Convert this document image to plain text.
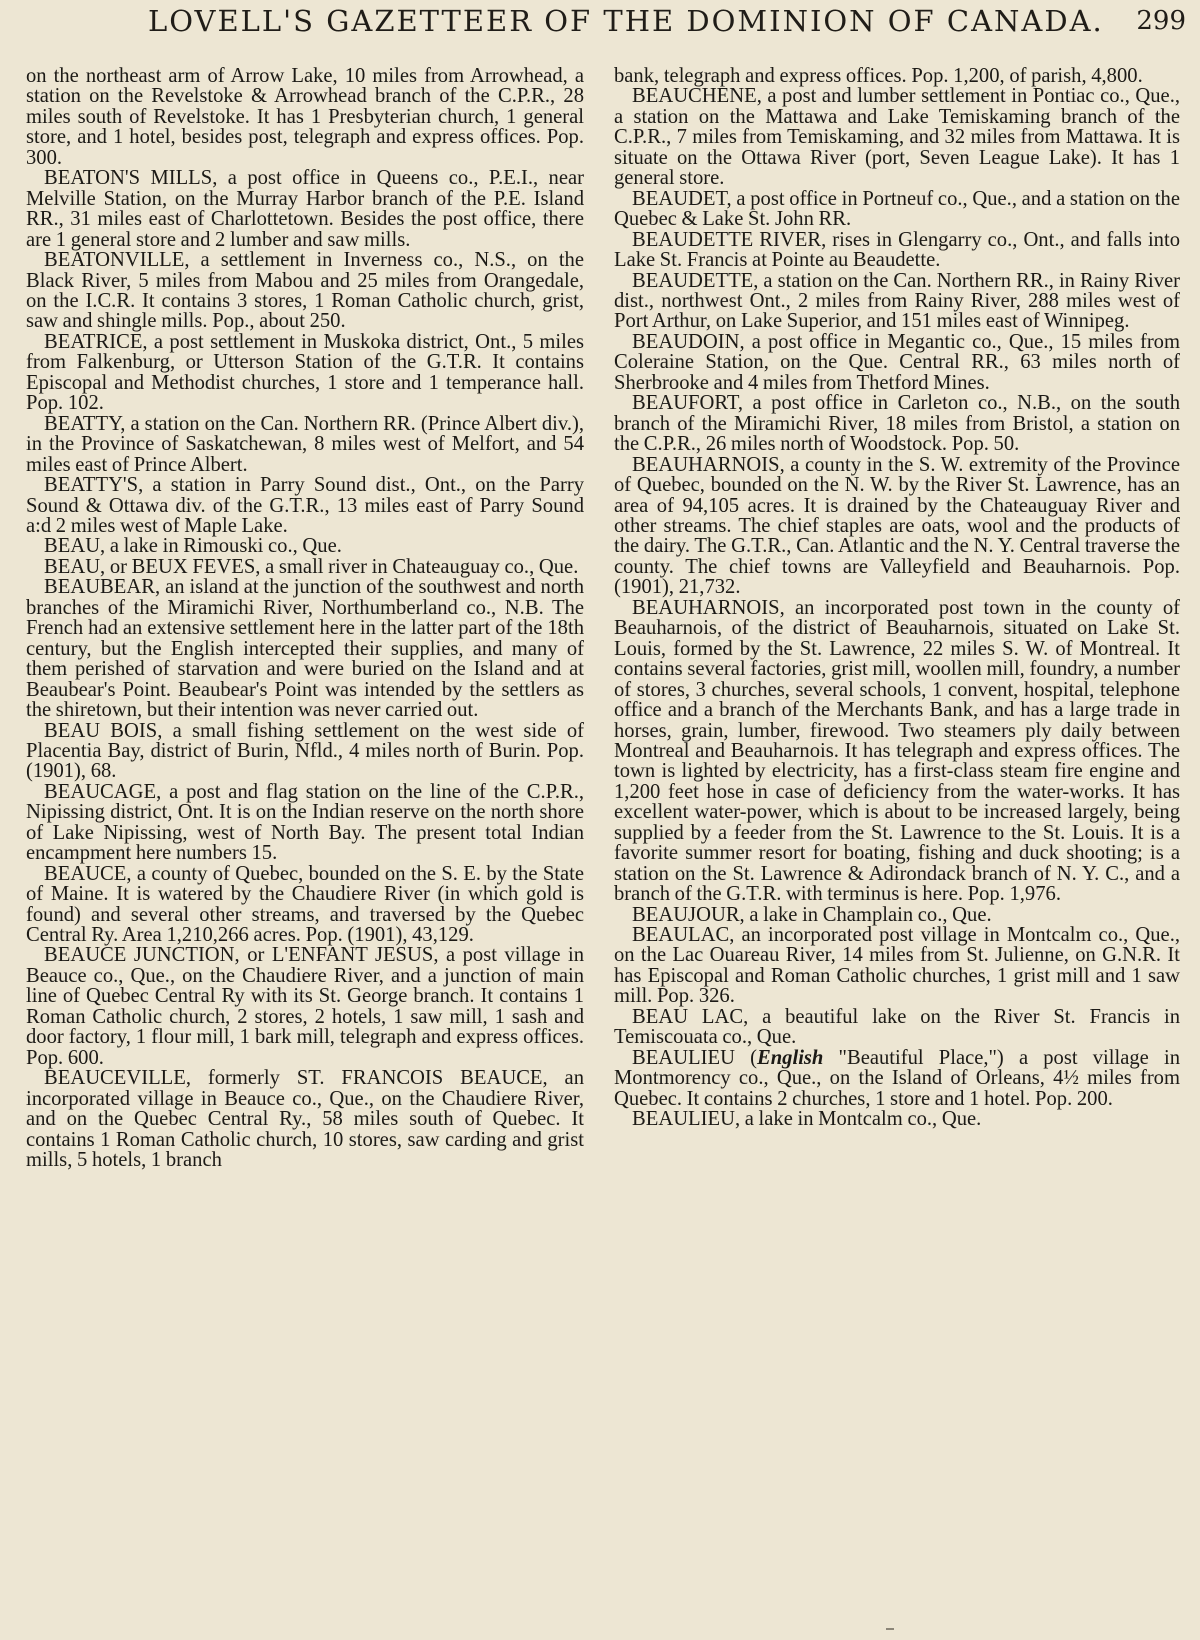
LOVELL'S GAZETTEER OF THE DOMINION OF CANADA. 299

on the northeast arm of Arrow Lake, 10 miles from Arrowhead, a station on the Revelstoke & Arrowhead branch of the C.P.R., 28 miles south of Revelstoke. It has 1 Presbyterian church, 1 general store, and 1 hotel, besides post, telegraph and express offices. Pop. 300.

BEATON'S MILLS, a post office in Queens co., P.E.I., near Melville Station, on the Murray Harbor branch of the P.E. Island RR., 31 miles east of Charlottetown. Besides the post office, there are 1 general store and 2 lumber and saw mills.

BEATONVILLE, a settlement in Inverness co., N.S., on the Black River, 5 miles from Mabou and 25 miles from Orangedale, on the I.C.R. It contains 3 stores, 1 Roman Catholic church, grist, saw and shingle mills. Pop., about 250.

BEATRICE, a post settlement in Muskoka district, Ont., 5 miles from Falkenburg, or Utterson Station of the G.T.R. It contains Episcopal and Methodist churches, 1 store and 1 temperance hall. Pop. 102.

BEATTY, a station on the Can. Northern RR. (Prince Albert div.), in the Province of Saskatchewan, 8 miles west of Melfort, and 54 miles east of Prince Albert.

BEATTY'S, a station in Parry Sound dist., Ont., on the Parry Sound & Ottawa div. of the G.T.R., 13 miles east of Parry Sound a:d 2 miles west of Maple Lake.

BEAU, a lake in Rimouski co., Que.

BEAU, or BEUX FEVES, a small river in Chateauguay co., Que.

BEAUBEAR, an island at the junction of the southwest and north branches of the Miramichi River, Northumberland co., N.B. The French had an extensive settlement here in the latter part of the 18th century, but the English intercepted their supplies, and many of them perished of starvation and were buried on the Island and at Beaubear's Point. Beaubear's Point was intended by the settlers as the shiretown, but their intention was never carried out.

BEAU BOIS, a small fishing settlement on the west side of Placentia Bay, district of Burin, Nfld., 4 miles north of Burin. Pop. (1901), 68.

BEAUCAGE, a post and flag station on the line of the C.P.R., Nipissing district, Ont. It is on the Indian reserve on the north shore of Lake Nipissing, west of North Bay. The present total Indian encampment here numbers 15.

BEAUCE, a county of Quebec, bounded on the S. E. by the State of Maine. It is watered by the Chaudiere River (in which gold is found) and several other streams, and traversed by the Quebec Central Ry. Area 1,210,266 acres. Pop. (1901), 43,129.

BEAUCE JUNCTION, or L'ENFANT JESUS, a post village in Beauce co., Que., on the Chaudiere River, and a junction of main line of Quebec Central Ry with its St. George branch. It contains 1 Roman Catholic church, 2 stores, 2 hotels, 1 saw mill, 1 sash and door factory, 1 flour mill, 1 bark mill, telegraph and express offices. Pop. 600.

BEAUCEVILLE, formerly ST. FRANCOIS BEAUCE, an incorporated village in Beauce co., Que., on the Chaudiere River, and on the Quebec Central Ry., 58 miles south of Quebec. It contains 1 Roman Catholic church, 10 stores, saw carding and grist mills, 5 hotels, 1 branch

bank, telegraph and express offices. Pop. 1,200, of parish, 4,800.

BEAUCHENE, a post and lumber settlement in Pontiac co., Que., a station on the Mattawa and Lake Temiskaming branch of the C.P.R., 7 miles from Temiskaming, and 32 miles from Mattawa. It is situate on the Ottawa River (port, Seven League Lake). It has 1 general store.

BEAUDET, a post office in Portneuf co., Que., and a station on the Quebec & Lake St. John RR.

BEAUDETTE RIVER, rises in Glengarry co., Ont., and falls into Lake St. Francis at Pointe au Beaudette.

BEAUDETTE, a station on the Can. Northern RR., in Rainy River dist., northwest Ont., 2 miles from Rainy River, 288 miles west of Port Arthur, on Lake Superior, and 151 miles east of Winnipeg.

BEAUDOIN, a post office in Megantic co., Que., 15 miles from Coleraine Station, on the Que. Central RR., 63 miles north of Sherbrooke and 4 miles from Thetford Mines.

BEAUFORT, a post office in Carleton co., N.B., on the south branch of the Miramichi River, 18 miles from Bristol, a station on the C.P.R., 26 miles north of Woodstock. Pop. 50.

BEAUHARNOIS, a county in the S. W. extremity of the Province of Quebec, bounded on the N. W. by the River St. Lawrence, has an area of 94,105 acres. It is drained by the Chateauguay River and other streams. The chief staples are oats, wool and the products of the dairy. The G.T.R., Can. Atlantic and the N. Y. Central traverse the county. The chief towns are Valleyfield and Beauharnois. Pop. (1901), 21,732.

BEAUHARNOIS, an incorporated post town in the county of Beauharnois, of the district of Beauharnois, situated on Lake St. Louis, formed by the St. Lawrence, 22 miles S. W. of Montreal. It contains several factories, grist mill, woollen mill, foundry, a number of stores, 3 churches, several schools, 1 convent, hospital, telephone office and a branch of the Merchants Bank, and has a large trade in horses, grain, lumber, firewood. Two steamers ply daily between Montreal and Beauharnois. It has telegraph and express offices. The town is lighted by electricity, has a first-class steam fire engine and 1,200 feet hose in case of deficiency from the water-works. It has excellent water-power, which is about to be increased largely, being supplied by a feeder from the St. Lawrence to the St. Louis. It is a favorite summer resort for boating, fishing and duck shooting; is a station on the St. Lawrence & Adirondack branch of N. Y. C., and a branch of the G.T.R. with terminus is here. Pop. 1,976.

BEAUJOUR, a lake in Champlain co., Que.

BEAULAC, an incorporated post village in Montcalm co., Que., on the Lac Ouareau River, 14 miles from St. Julienne, on G.N.R. It has Episcopal and Roman Catholic churches, 1 grist mill and 1 saw mill. Pop. 326.

BEAU LAC, a beautiful lake on the River St. Francis in Temiscouata co., Que.

BEAULIEU (English "Beautiful Place,") a post village in Montmorency co., Que., on the Island of Orleans, 4½ miles from Quebec. It contains 2 churches, 1 store and 1 hotel. Pop. 200.

BEAULIEU, a lake in Montcalm co., Que.
